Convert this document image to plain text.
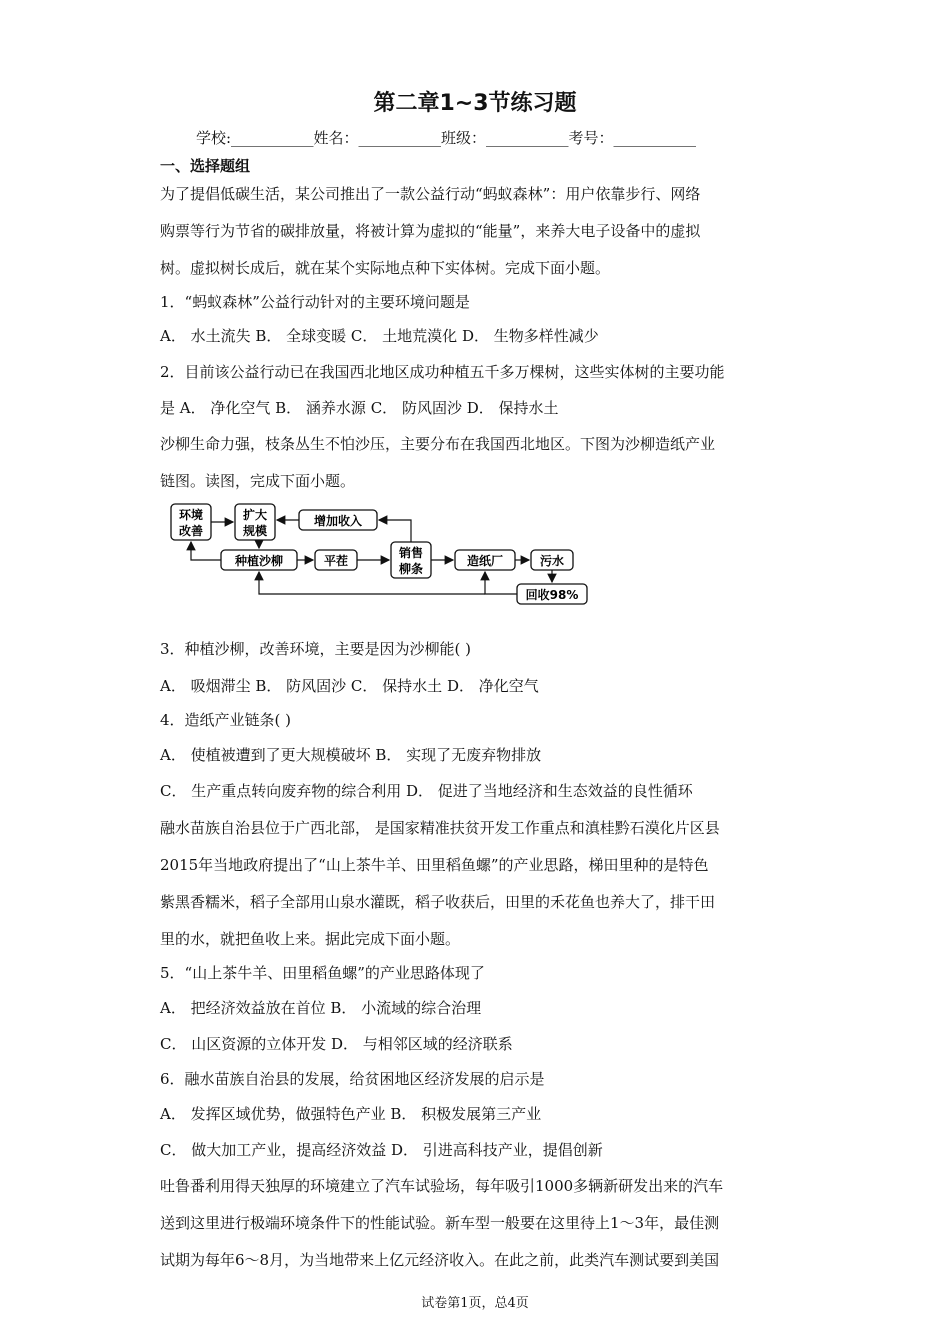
第二章1~3节练习题
学校:___________姓名：___________班级：___________考号：___________
一、选择题组
为了提倡低碳生活，某公司推出了一款公益行动“蚂蚁森林”：用户依靠步行、网络
购票等行为节省的碳排放量，将被计算为虚拟的“能量”，来养大电子设备中的虚拟
树。虚拟树长成后，就在某个实际地点种下实体树。完成下面小题。
1．“蚂蚁森林”公益行动针对的主要环境问题是
A． 水土流失 B． 全球变暖 C． 土地荒漠化 D． 生物多样性减少
2．目前该公益行动已在我国西北地区成功种植五千多万棵树，这些实体树的主要功能
是 A． 净化空气 B． 涵养水源 C． 防风固沙 D． 保持水土
沙柳生命力强，枝条丛生不怕沙压，主要分布在我国西北地区。下图为沙柳造纸产业
链图。读图，完成下面小题。
3．种植沙柳，改善环境，主要是因为沙柳能( )
A． 吸烟滞尘 B． 防风固沙 C． 保持水土 D． 净化空气
4．造纸产业链条( )
A． 使植被遭到了更大规模破坏 B． 实现了无废弃物排放
C． 生产重点转向废弃物的综合利用 D． 促进了当地经济和生态效益的良性循环
融水苗族自治县位于广西北部， 是国家精准扶贫开发工作重点和滇桂黔石漠化片区县
2015年当地政府提出了“山上茶牛羊、田里稻鱼螺”的产业思路，梯田里种的是特色
紫黑香糯米，稻子全部用山泉水灌既，稻子收获后，田里的禾花鱼也养大了，排干田
里的水，就把鱼收上来。据此完成下面小题。
5．“山上茶牛羊、田里稻鱼螺”的产业思路体现了
A． 把经济效益放在首位 B． 小流域的综合治理
C． 山区资源的立体开发 D． 与相邻区域的经济联系
6．融水苗族自治县的发展，给贫困地区经济发展的启示是
A． 发挥区域优势，做强特色产业 B． 积极发展第三产业
C． 做大加工产业，提高经济效益 D． 引进高科技产业，提倡创新
吐鲁番利用得天独厚的环境建立了汽车试验场，每年吸引1000多辆新研发出来的汽车
送到这里进行极端环境条件下的性能试验。新车型一般要在这里待上1～3年，最佳测
试期为每年6～8月，为当地带来上亿元经济收入。在此之前，此类汽车测试要到美国
环境
改善
扩大
规模
增加收入
种植沙柳	平茬
销售
柳条
造纸厂	污水
回收98%
试卷第1页，总4页
